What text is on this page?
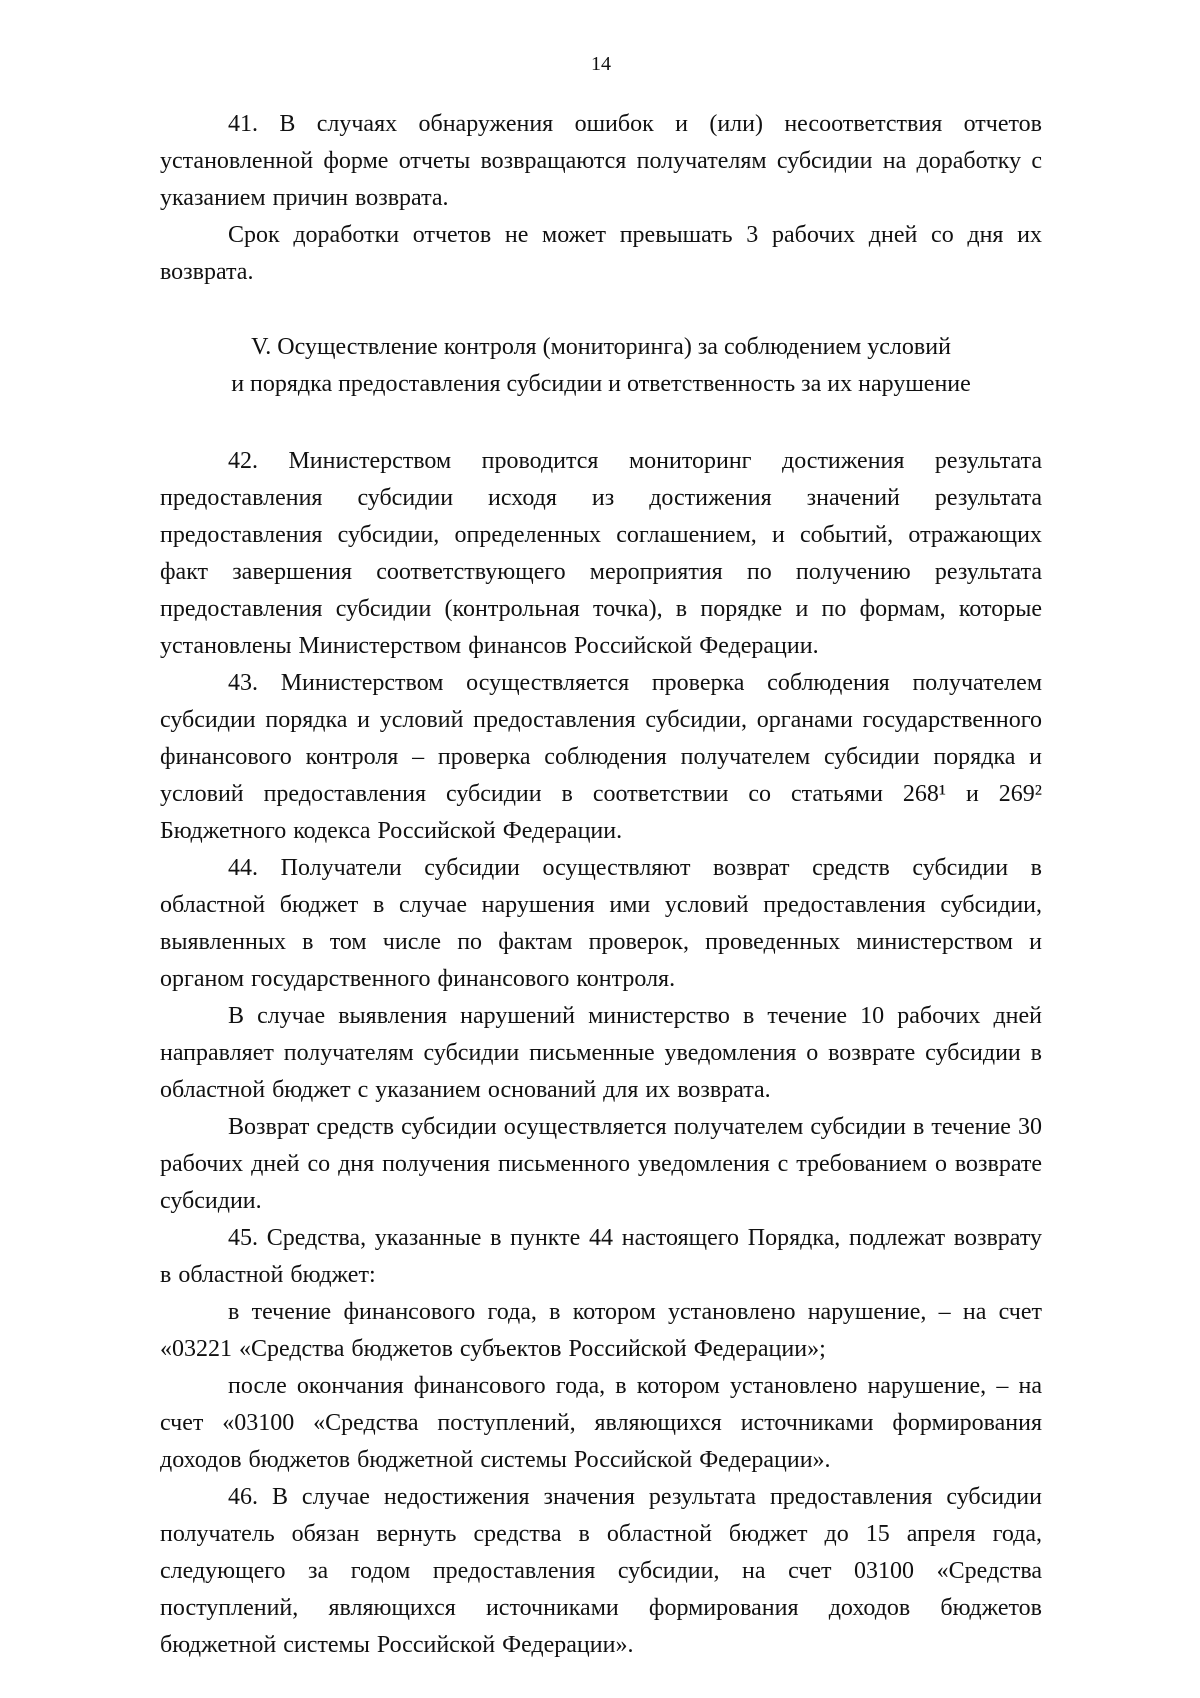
14

41. В случаях обнаружения ошибок и (или) несоответствия отчетов установленной форме отчеты возвращаются получателям субсидии на доработку с указанием причин возврата.

Срок доработки отчетов не может превышать 3 рабочих дней со дня их возврата.

V. Осуществление контроля (мониторинга) за соблюдением условий
и порядка предоставления субсидии и ответственность за их нарушение

42. Министерством проводится мониторинг достижения результата предоставления субсидии исходя из достижения значений результата предоставления субсидии, определенных соглашением, и событий, отражающих факт завершения соответствующего мероприятия по получению результата предоставления субсидии (контрольная точка), в порядке и по формам, которые установлены Министерством финансов Российской Федерации.

43. Министерством осуществляется проверка соблюдения получателем субсидии порядка и условий предоставления субсидии, органами государственного финансового контроля – проверка соблюдения получателем субсидии порядка и условий предоставления субсидии в соответствии со статьями 268¹ и 269² Бюджетного кодекса Российской Федерации.

44. Получатели субсидии осуществляют возврат средств субсидии в областной бюджет в случае нарушения ими условий предоставления субсидии, выявленных в том числе по фактам проверок, проведенных министерством и органом государственного финансового контроля.

В случае выявления нарушений министерство в течение 10 рабочих дней направляет получателям субсидии письменные уведомления о возврате субсидии в областной бюджет с указанием оснований для их возврата.

Возврат средств субсидии осуществляется получателем субсидии в течение 30 рабочих дней со дня получения письменного уведомления с требованием о возврате субсидии.

45. Средства, указанные в пункте 44 настоящего Порядка, подлежат возврату в областной бюджет:

в течение финансового года, в котором установлено нарушение, – на счет «03221 «Средства бюджетов субъектов Российской Федерации»;

после окончания финансового года, в котором установлено нарушение, – на счет «03100 «Средства поступлений, являющихся источниками формирования доходов бюджетов бюджетной системы Российской Федерации».

46. В случае недостижения значения результата предоставления субсидии получатель обязан вернуть средства в областной бюджет до 15 апреля года, следующего за годом предоставления субсидии, на счет 03100 «Средства поступлений, являющихся источниками формирования доходов бюджетов бюджетной системы Российской Федерации».
